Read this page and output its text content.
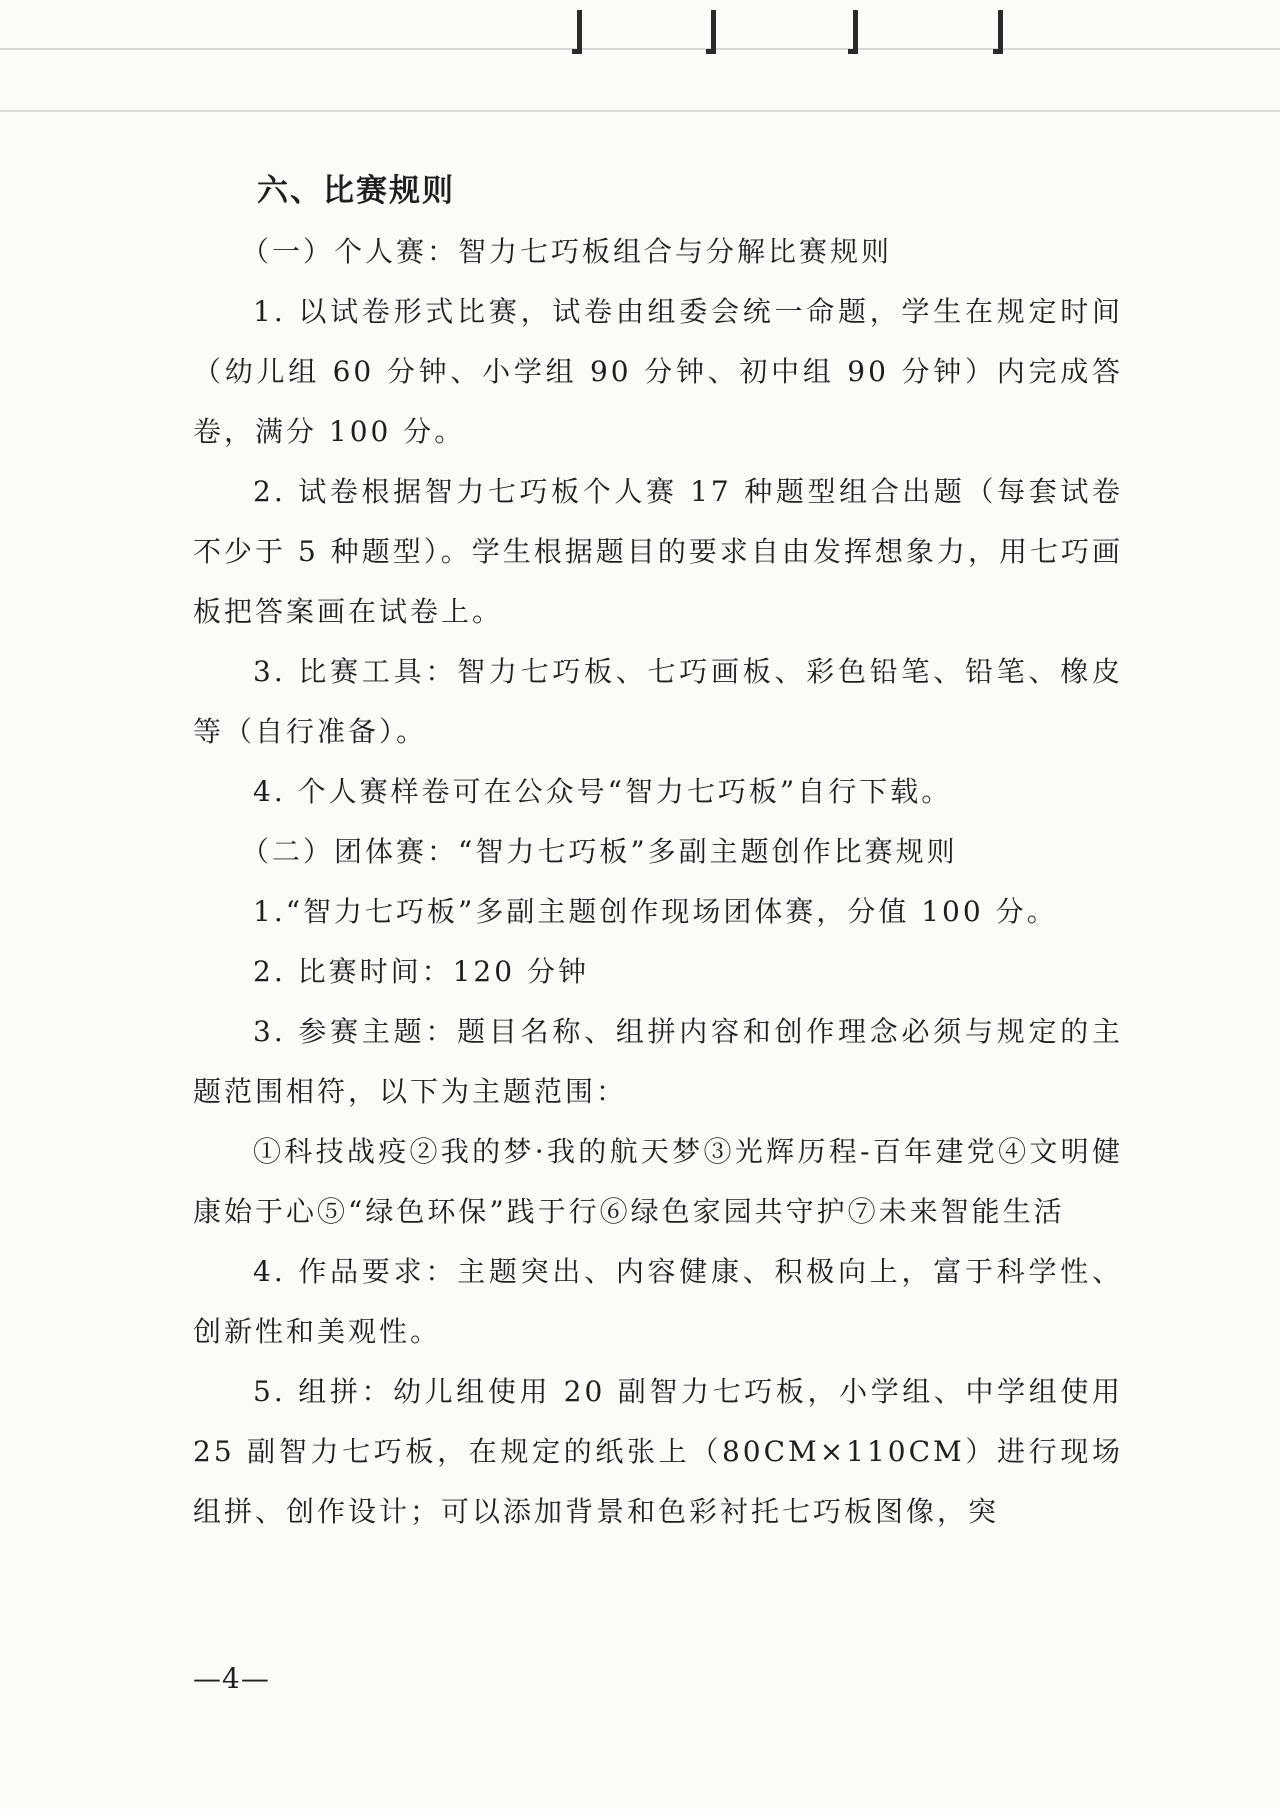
六、比赛规则

（一）个人赛：智力七巧板组合与分解比赛规则

1. 以试卷形式比赛，试卷由组委会统一命题，学生在规定时间（幼儿组 60 分钟、小学组 90 分钟、初中组 90 分钟）内完成答卷，满分 100 分。

2. 试卷根据智力七巧板个人赛 17 种题型组合出题（每套试卷不少于 5 种题型）。学生根据题目的要求自由发挥想象力，用七巧画板把答案画在试卷上。

3. 比赛工具：智力七巧板、七巧画板、彩色铅笔、铅笔、橡皮等（自行准备）。

4. 个人赛样卷可在公众号“智力七巧板”自行下载。

（二）团体赛：“智力七巧板”多副主题创作比赛规则

1.“智力七巧板”多副主题创作现场团体赛，分值 100 分。

2. 比赛时间：120 分钟

3. 参赛主题：题目名称、组拼内容和创作理念必须与规定的主题范围相符，以下为主题范围：

①科技战疫②我的梦·我的航天梦③光辉历程-百年建党④文明健康始于心⑤“绿色环保”践于行⑥绿色家园共守护⑦未来智能生活

4. 作品要求：主题突出、内容健康、积极向上，富于科学性、创新性和美观性。

5. 组拼：幼儿组使用 20 副智力七巧板，小学组、中学组使用 25 副智力七巧板，在规定的纸张上（80CM×110CM）进行现场组拼、创作设计；可以添加背景和色彩衬托七巧板图像，突

—4—
